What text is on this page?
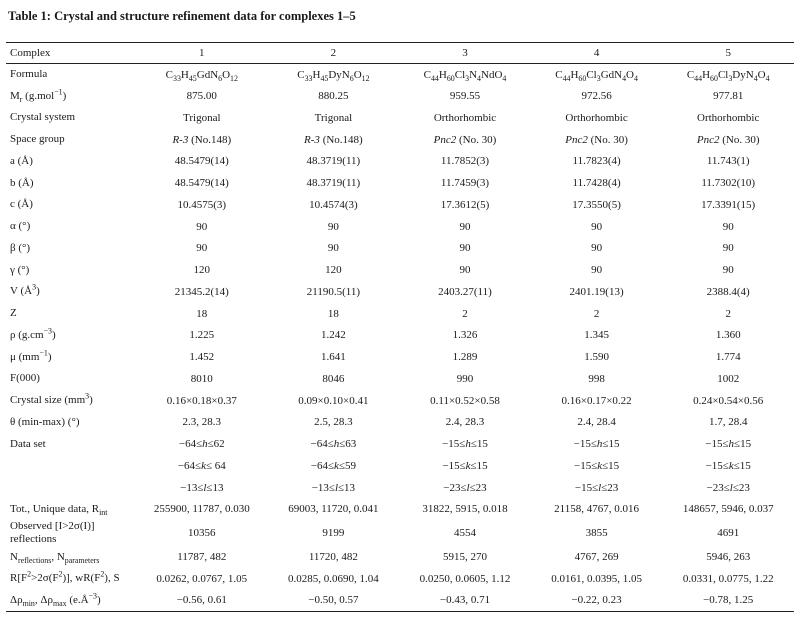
Table 1: Crystal and structure refinement data for complexes 1–5
Complex	1	2	3	4	5
Formula	$C_{33}H_{45}GdN_6O_{12}$	$C_{33}H_{45}DyN_6O_{12}$	$C_{44}H_{60}Cl_3N_4NdO_4$	$C_{44}H_{60}Cl_3GdN_4O_4$	$C_{44}H_{60}Cl_3DyN_4O_4$
$M_r$ (g.mol$^{-1}$)	875.00	880.25	959.55	972.56	977.81
Crystal system	Trigonal	Trigonal	Orthorhombic	Orthorhombic	Orthorhombic
Space group	R-3 (No.148)	R-3 (No.148)	Pnc2 (No. 30)	Pnc2 (No. 30)	Pnc2 (No. 30)
a (Å)	48.5479(14)	48.3719(11)	11.7852(3)	11.7823(4)	11.743(1)
b (Å)	48.5479(14)	48.3719(11)	11.7459(3)	11.7428(4)	11.7302(10)
c (Å)	10.4575(3)	10.4574(3)	17.3612(5)	17.3550(5)	17.3391(15)
α (°)	90	90	90	90	90
β (°)	90	90	90	90	90
γ (°)	120	120	90	90	90
V $(Å^3)$	21345.2(14)	21190.5(11)	2403.27(11)	2401.19(13)	2388.4(4)
Z	18	18	2	2	2
ρ $(g.cm^{-3})$	1.225	1.242	1.326	1.345	1.360
μ $(mm^{-1})$	1.452	1.641	1.289	1.590	1.774
F(000)	8010	8046	990	998	1002
Crystal size $(mm^3)$	0.16×0.18×0.37	0.09×0.10×0.41	0.11×0.52×0.58	0.16×0.17×0.22	0.24×0.54×0.56
θ (min-max) (°)	2.3, 28.3	2.5, 28.3	2.4, 28.3	2.4, 28.4	1.7, 28.4
Data set	−64≤h≤62	−64≤h≤63	−15≤h≤15	−15≤h≤15	−15≤h≤15
	−64≤k≤ 64	−64≤k≤59	−15≤k≤15	−15≤k≤15	−15≤k≤15
	−13≤l≤13	−13≤l≤13	−23≤l≤23	−15≤l≤23	−23≤l≤23
Tot., Unique data, $R_{int}$	255900, 11787, 0.030	69003, 11720, 0.041	31822, 5915, 0.018	21158, 4767, 0.016	148657, 5946, 0.037
Observed [I>2σ(I)] reflections	10356	9199	4554	3855	4691
$N_{reflections}$, $N_{parameters}$	11787, 482	11720, 482	5915, 270	4767, 269	5946, 263
$R[F^2>2\sigma(F^2)]$, $wR(F^2)$, S	0.0262, 0.0767, 1.05	0.0285, 0.0690, 1.04	0.0250, 0.0605, 1.12	0.0161, 0.0395, 1.05	0.0331, 0.0775, 1.22
$\Delta\rho_{min}$, $\Delta\rho_{max}$ $(e.Å^{-3})$	−0.56, 0.61	−0.50, 0.57	−0.43, 0.71	−0.22, 0.23	−0.78, 1.25
